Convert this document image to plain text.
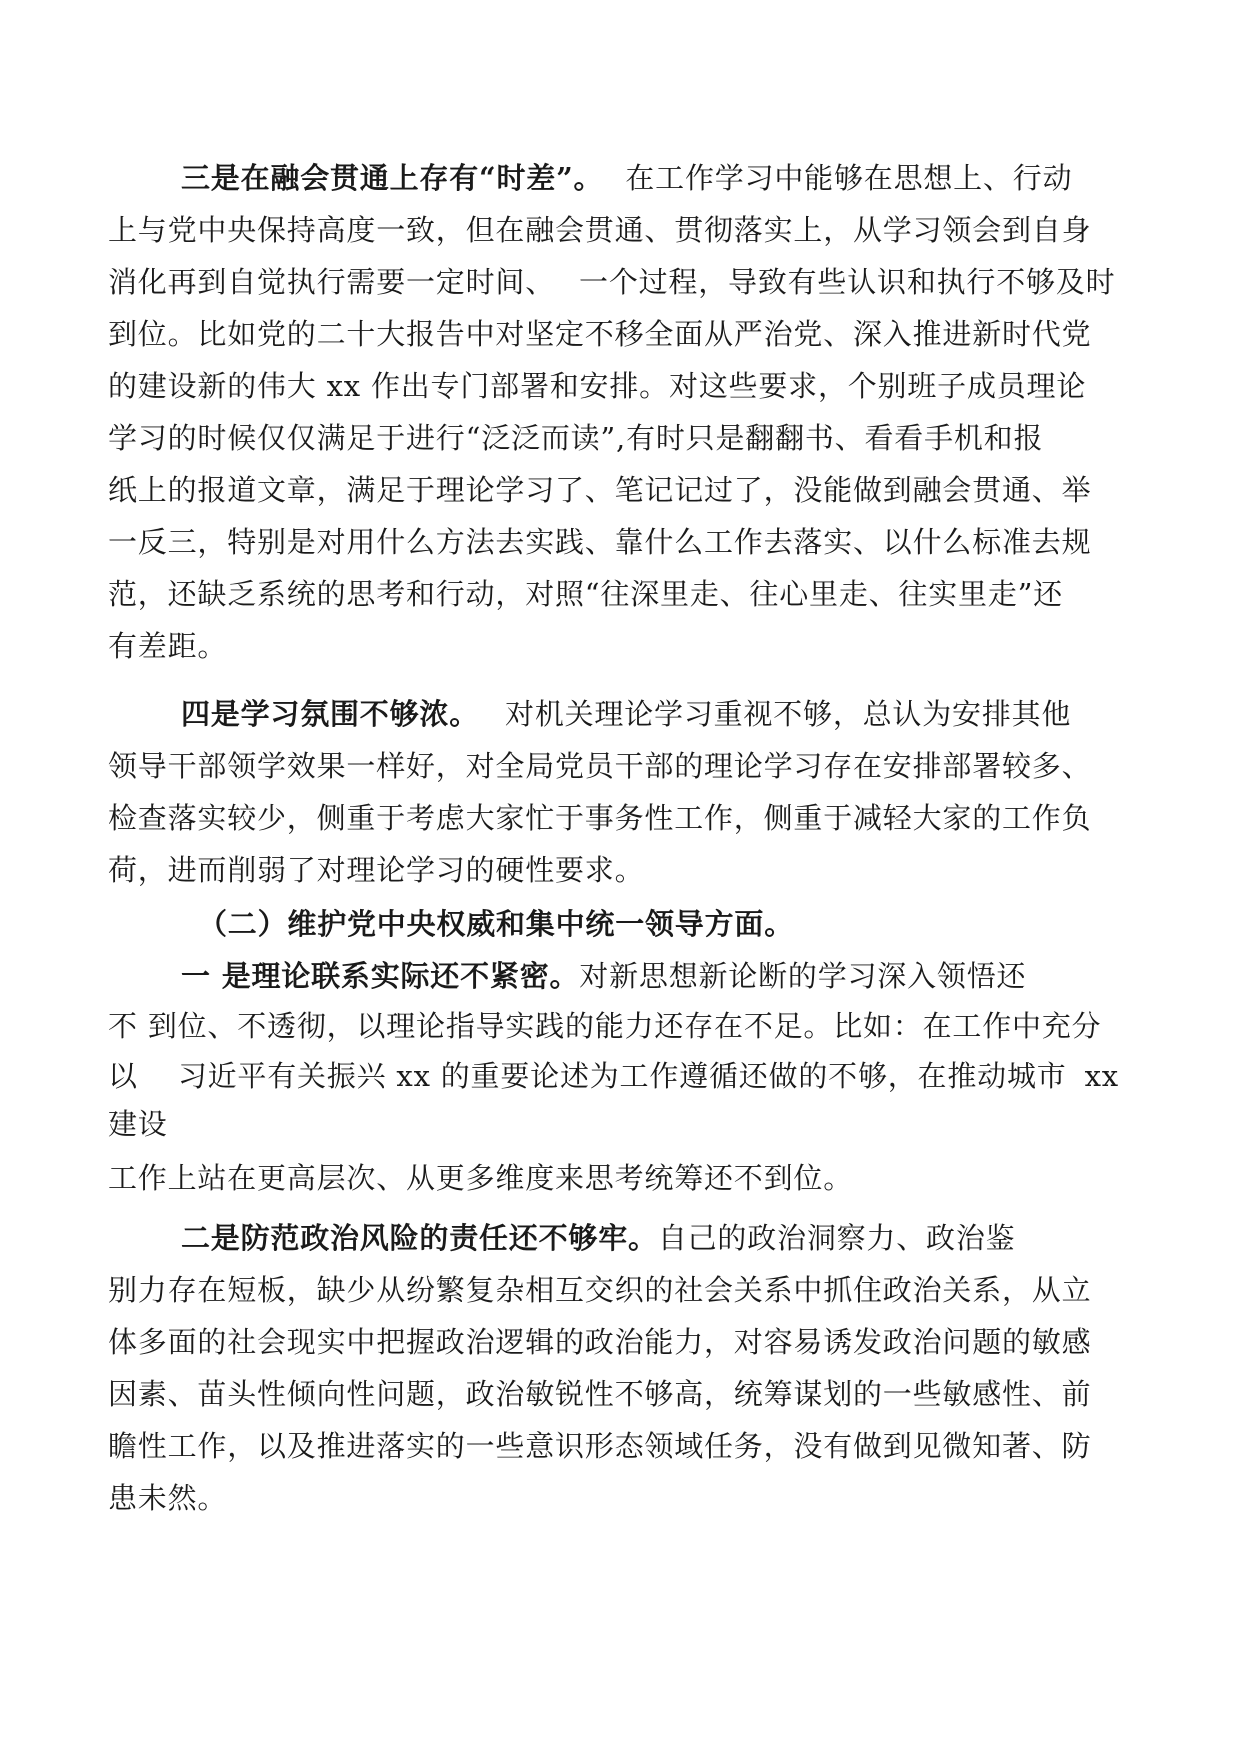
三是在融会贯通上存有“时差”。 在工作学习中能够在思想上、行动
上与党中央保持高度一致，但在融会贯通、贯彻落实上，从学习领会到自身
消化再到自觉执行需要一定时间、 一个过程，导致有些认识和执行不够及时
到位。比如党的二十大报告中对坚定不移全面从严治党、深入推进新时代党
的建设新的伟大 xx 作出专门部署和安排。对这些要求，个别班子成员理论
学习的时候仅仅满足于进行“泛泛而读”,有时只是翻翻书、看看手机和报
纸上的报道文章，满足于理论学习了、笔记记过了，没能做到融会贯通、举
一反三，特别是对用什么方法去实践、靠什么工作去落实、以什么标准去规
范，还缺乏系统的思考和行动，对照“往深里走、往心里走、往实里走”还
有差距。
四是学习氛围不够浓。 对机关理论学习重视不够，总认为安排其他
领导干部领学效果一样好，对全局党员干部的理论学习存在安排部署较多、
检查落实较少，侧重于考虑大家忙于事务性工作，侧重于减轻大家的工作负
荷，进而削弱了对理论学习的硬性要求。
（二）维护党中央权威和集中统一领导方面。
一 是理论联系实际还不紧密。对新思想新论断的学习深入领悟还
不 到位、不透彻，以理论指导实践的能力还存在不足。比如：在工作中充分
以 习近平有关振兴 xx 的重要论述为工作遵循还做的不够，在推动城市 xx
建设
工作上站在更高层次、从更多维度来思考统筹还不到位。
二是防范政治风险的责任还不够牢。自己的政治洞察力、政治鉴
别力存在短板，缺少从纷繁复杂相互交织的社会关系中抓住政治关系，从立
体多面的社会现实中把握政治逻辑的政治能力，对容易诱发政治问题的敏感
因素、苗头性倾向性问题，政治敏锐性不够高，统筹谋划的一些敏感性、前
瞻性工作，以及推进落实的一些意识形态领域任务，没有做到见微知著、防
患未然。
